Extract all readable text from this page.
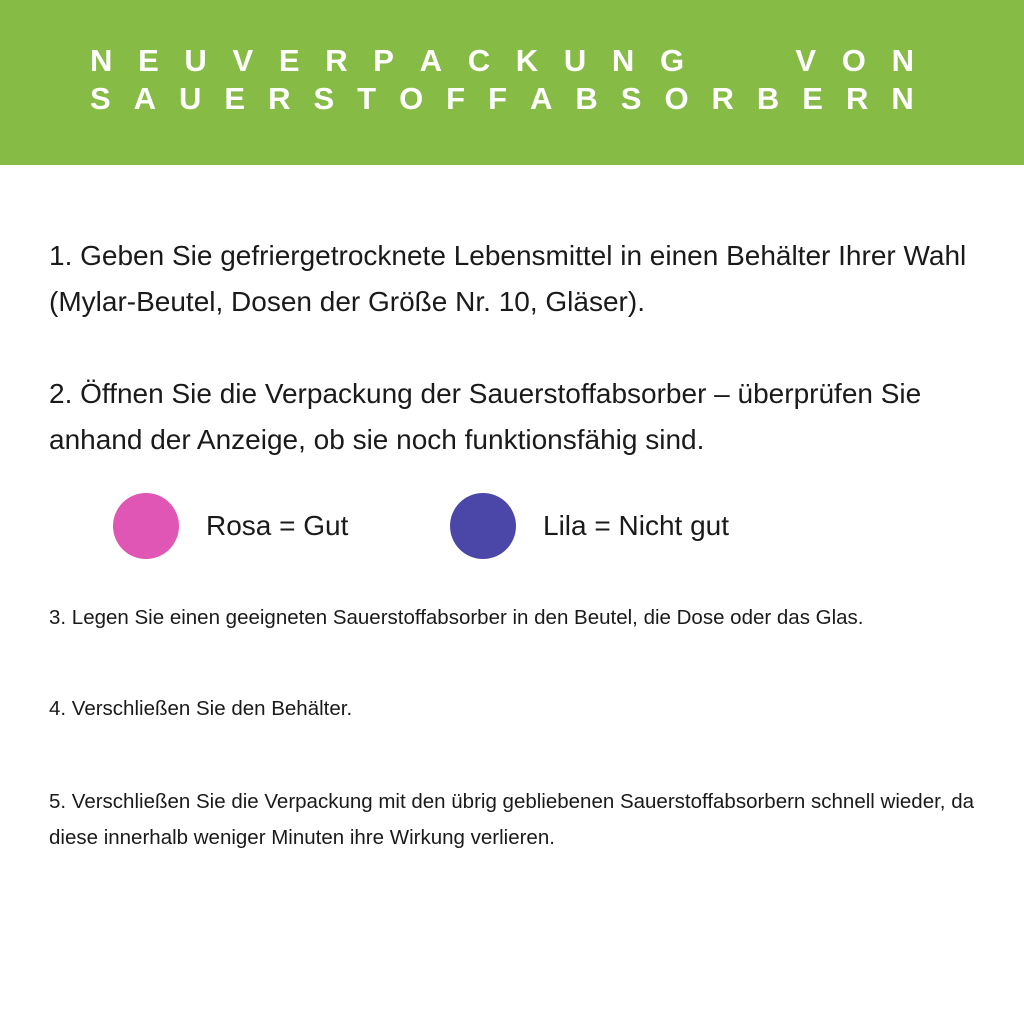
N E U V E R P A C K U N G	V O N
S A U E R S T O F F A B S O R B E R N

1. Geben Sie gefriergetrocknete Lebensmittel in einen Behälter Ihrer Wahl (Mylar-Beutel, Dosen der Größe Nr. 10, Gläser).

2. Öffnen Sie die Verpackung der Sauerstoffabsorber – überprüfen Sie anhand der Anzeige, ob sie noch funktionsfähig sind.

Rosa = Gut	Lila = Nicht gut

3. Legen Sie einen geeigneten Sauerstoffabsorber in den Beutel, die Dose oder das Glas.

4. Verschließen Sie den Behälter.

5. Verschließen Sie die Verpackung mit den übrig gebliebenen Sauerstoffabsorbern schnell wieder, da diese innerhalb weniger Minuten ihre Wirkung verlieren.
